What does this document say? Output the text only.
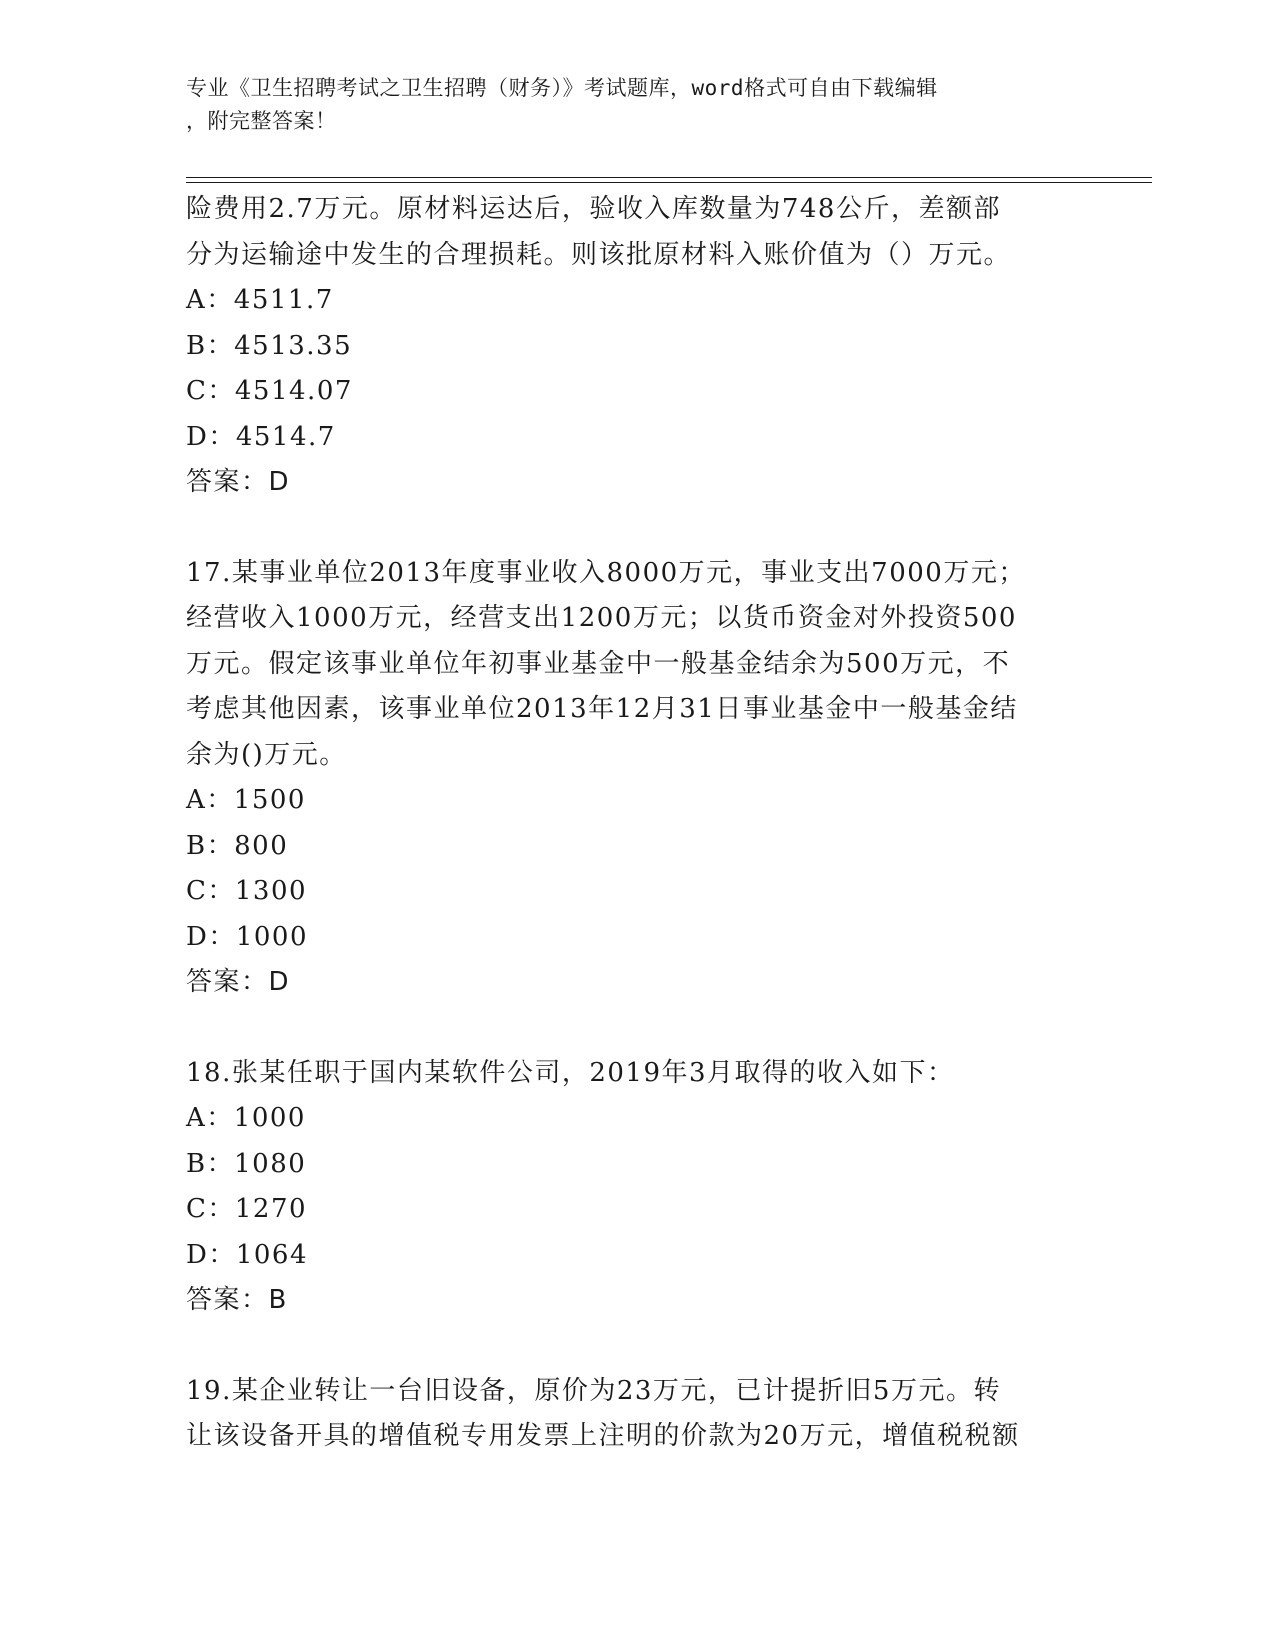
专业《卫生招聘考试之卫生招聘（财务）》考试题库，word格式可自由下载编辑
，附完整答案！

险费用2.7万元。原材料运达后，验收入库数量为748公斤，差额部

分为运输途中发生的合理损耗。则该批原材料入账价值为（）万元。

A：4511.7

B：4513.35

C：4514.07

D：4514.7

答案：D

17.某事业单位2013年度事业收入8000万元，事业支出7000万元；

经营收入1000万元，经营支出1200万元；以货币资金对外投资500

万元。假定该事业单位年初事业基金中一般基金结余为500万元，不

考虑其他因素，该事业单位2013年12月31日事业基金中一般基金结

余为()万元。

A：1500

B：800

C：1300

D：1000

答案：D

18.张某任职于国内某软件公司，2019年3月取得的收入如下：

A：1000

B：1080

C：1270

D：1064

答案：B

19.某企业转让一台旧设备，原价为23万元，已计提折旧5万元。转

让该设备开具的增值税专用发票上注明的价款为20万元，增值税税额
